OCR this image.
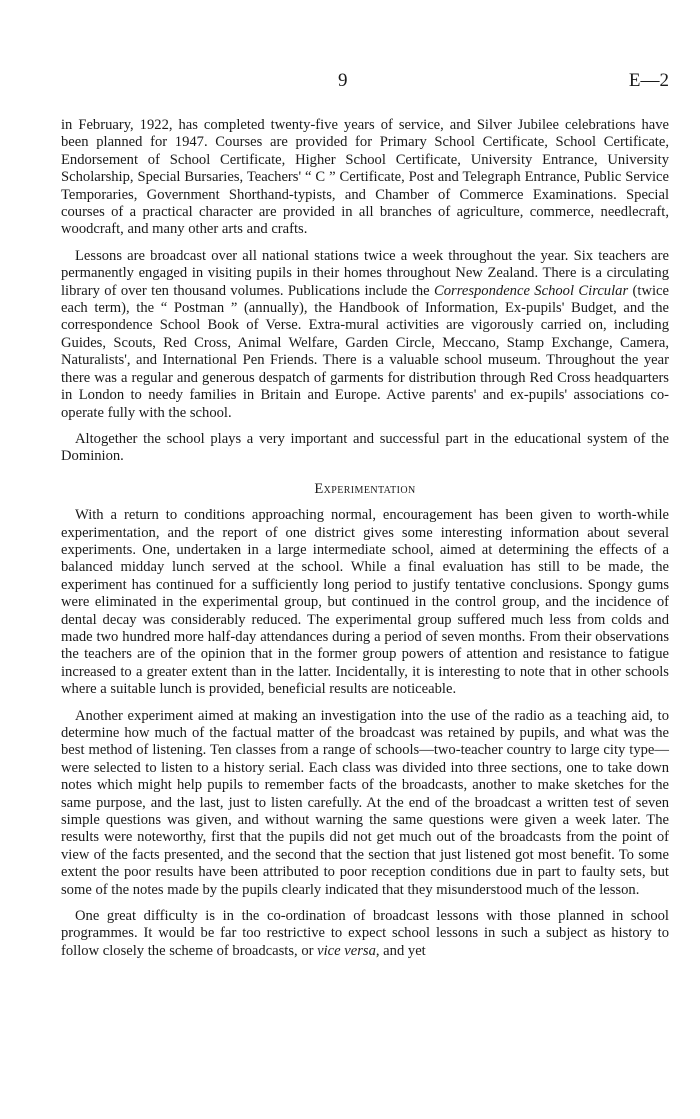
9	E—2

in February, 1922, has completed twenty-five years of service, and Silver Jubilee celebrations have been planned for 1947. Courses are provided for Primary School Certificate, School Certificate, Endorsement of School Certificate, Higher School Certificate, University Entrance, University Scholarship, Special Bursaries, Teachers' “ C ” Certificate, Post and Telegraph Entrance, Public Service Temporaries, Government Shorthand-typists, and Chamber of Commerce Examinations. Special courses of a practical character are provided in all branches of agriculture, commerce, needlecraft, woodcraft, and many other arts and crafts.

Lessons are broadcast over all national stations twice a week throughout the year. Six teachers are permanently engaged in visiting pupils in their homes throughout New Zealand. There is a circulating library of over ten thousand volumes. Publications include the Correspondence School Circular (twice each term), the “ Postman ” (annually), the Handbook of Information, Ex-pupils' Budget, and the correspondence School Book of Verse. Extra-mural activities are vigorously carried on, including Guides, Scouts, Red Cross, Animal Welfare, Garden Circle, Meccano, Stamp Exchange, Camera, Naturalists', and International Pen Friends. There is a valuable school museum. Throughout the year there was a regular and generous despatch of garments for distribution through Red Cross headquarters in London to needy families in Britain and Europe. Active parents' and ex-pupils' associations co-operate fully with the school.

Altogether the school plays a very important and successful part in the educational system of the Dominion.

Experimentation

With a return to conditions approaching normal, encouragement has been given to worth-while experimentation, and the report of one district gives some interesting information about several experiments. One, undertaken in a large intermediate school, aimed at determining the effects of a balanced midday lunch served at the school. While a final evaluation has still to be made, the experiment has continued for a sufficiently long period to justify tentative conclusions. Spongy gums were eliminated in the experimental group, but continued in the control group, and the incidence of dental decay was considerably reduced. The experimental group suffered much less from colds and made two hundred more half-day attendances during a period of seven months. From their observations the teachers are of the opinion that in the former group powers of attention and resistance to fatigue increased to a greater extent than in the latter. Incidentally, it is interesting to note that in other schools where a suitable lunch is provided, beneficial results are noticeable.

Another experiment aimed at making an investigation into the use of the radio as a teaching aid, to determine how much of the factual matter of the broadcast was retained by pupils, and what was the best method of listening. Ten classes from a range of schools—two-teacher country to large city type—were selected to listen to a history serial. Each class was divided into three sections, one to take down notes which might help pupils to remember facts of the broadcasts, another to make sketches for the same purpose, and the last, just to listen carefully. At the end of the broadcast a written test of seven simple questions was given, and without warning the same questions were given a week later. The results were noteworthy, first that the pupils did not get much out of the broadcasts from the point of view of the facts presented, and the second that the section that just listened got most benefit. To some extent the poor results have been attributed to poor reception conditions due in part to faulty sets, but some of the notes made by the pupils clearly indicated that they misunderstood much of the lesson.

One great difficulty is in the co-ordination of broadcast lessons with those planned in school programmes. It would be far too restrictive to expect school lessons in such a subject as history to follow closely the scheme of broadcasts, or vice versa, and yet
